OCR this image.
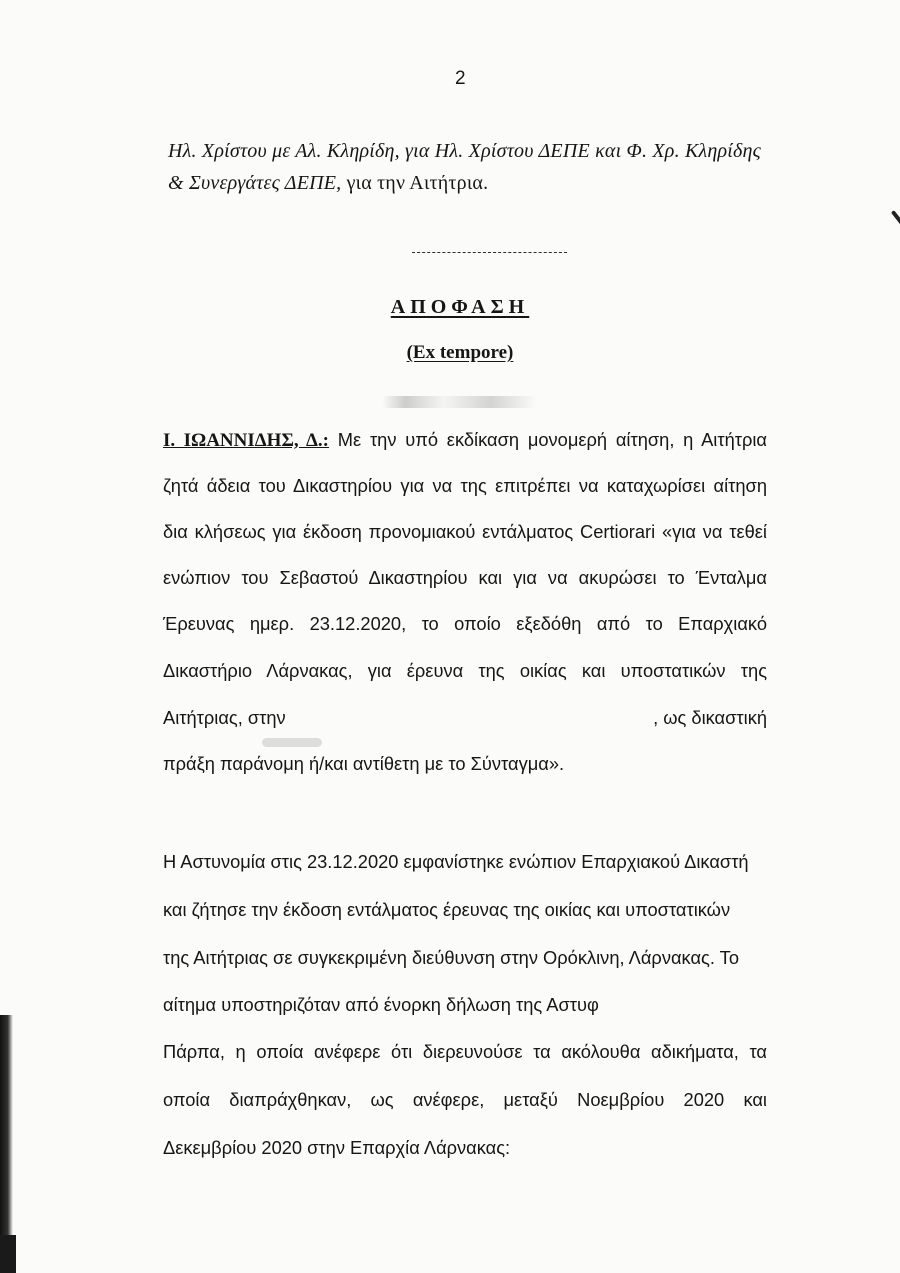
2
Ηλ. Χρίστου με Αλ. Κληρίδη, για Ηλ. Χρίστου ΔΕΠΕ και Φ. Χρ. Κληρίδης
& Συνεργάτες ΔΕΠΕ, για την Αιτήτρια.
ΑΠΟΦΑΣΗ
(Ex tempore)
Ι. ΙΩΑΝΝΙΔΗΣ, Δ.: Με την υπό εκδίκαση μονομερή αίτηση, η Αιτήτρια
ζητά άδεια του Δικαστηρίου για να της επιτρέπει να καταχωρίσει αίτηση
δια κλήσεως για έκδοση προνομιακού εντάλματος Certiorari «για να τεθεί
ενώπιον του Σεβαστού Δικαστηρίου και για να ακυρώσει το Ένταλμα
Έρευνας ημερ. 23.12.2020, το οποίο εξεδόθη από το Επαρχιακό
Δικαστήριο Λάρνακας, για έρευνα της οικίας και υποστατικών της
Αιτήτριας, στην	, ως δικαστική
πράξη παράνομη ή/και αντίθετη με το Σύνταγμα».
Η Αστυνομία στις 23.12.2020 εμφανίστηκε ενώπιον Επαρχιακού Δικαστή
και ζήτησε την έκδοση εντάλματος έρευνας της οικίας και υποστατικών
της Αιτήτριας σε συγκεκριμένη διεύθυνση στην Ορόκλινη, Λάρνακας. Το
αίτημα υποστηριζόταν από ένορκη δήλωση της Αστυφ
Πάρπα, η οποία ανέφερε ότι διερευνούσε τα ακόλουθα αδικήματα, τα
οποία διαπράχθηκαν, ως ανέφερε, μεταξύ Νοεμβρίου 2020 και
Δεκεμβρίου 2020 στην Επαρχία Λάρνακας:
